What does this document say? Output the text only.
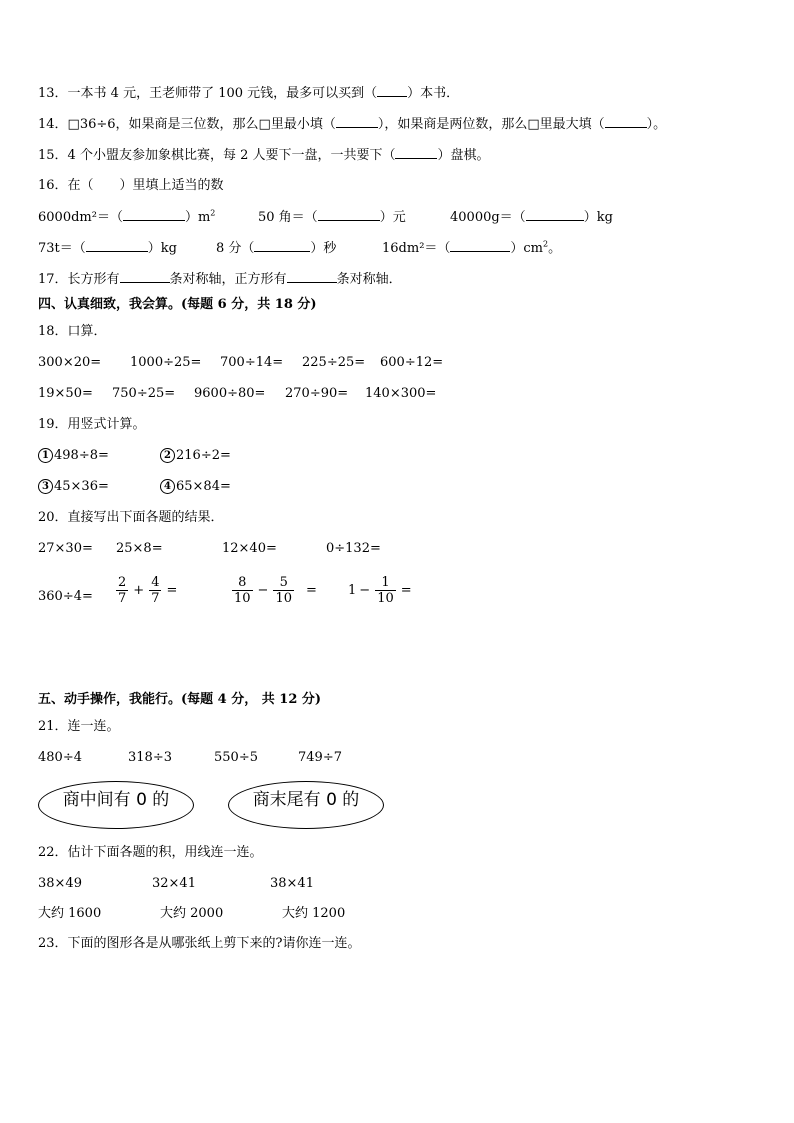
13．一本书 4 元，王老师带了 100 元钱，最多可以买到（ ）本书．
14．□36÷6，如果商是三位数，那么□里最小填（	），如果商是两位数，那么□里最大填（	）。
15．4 个小盟友参加象棋比赛，每 2 人要下一盘，一共要下（	）盘棋。
16．在（　　）里填上适当的数
6000dm²＝（	）$m^2$	50 角＝（	）元	40000g＝（	）kg
73t＝（	）kg	8 分（	）秒	16dm²＝（	）$cm^2$。
17．长方形有	条对称轴，正方形有	条对称轴．
四、认真细致，我会算。(每题 6 分，共 18 分)
18．口算．
300×20= 1000÷25= 700÷14= 225÷25= 600÷12=
19×50= 750÷25= 9600÷80= 270÷90= 140×300=
19．用竖式计算。
1 498÷8=	2 216÷2=
3 45×36=	4 65×84=
20．直接写出下面各题的结果．
27×30= 25×8=	12×40=	0÷132=
$360\div 4= \frac{2}{7} + \frac{4}{7}$ =	$\frac{8}{10} - \frac{5}{10} = 1 - \frac{1}{10}$ =
五、动手操作，我能行。(每题 4 分， 共 12 分)
21．连一连。
480÷4	318÷3	550÷5	749÷7
商中间有 0 的	商末尾有 0 的
22．估计下面各题的积，用线连一连。
38×49	32×41	38×41
大约 1600	大约 2000	大约 1200
23．下面的图形各是从哪张纸上剪下来的?请你连一连。
